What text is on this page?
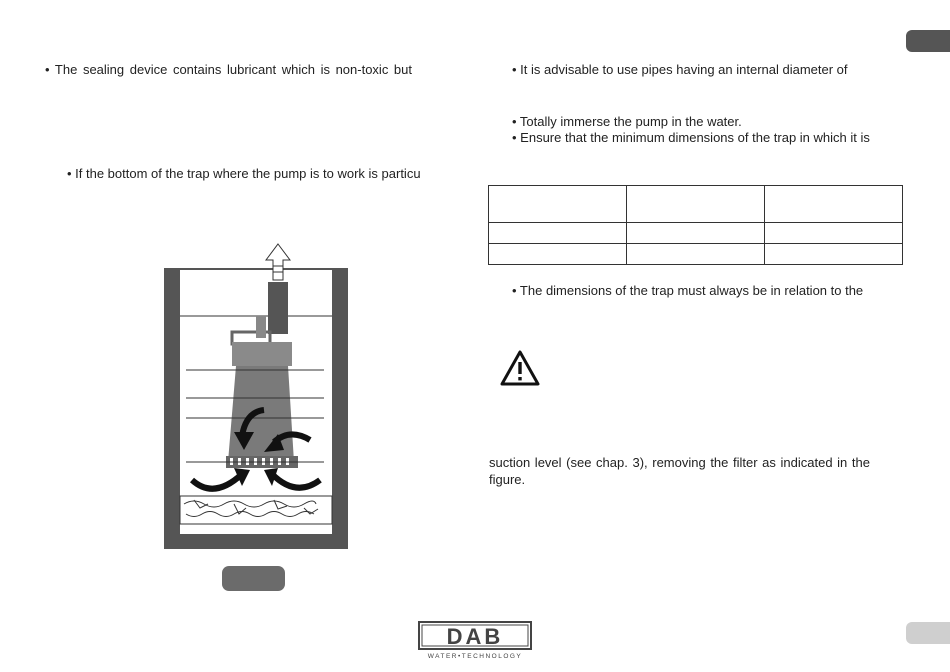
• The sealing device contains lubricant which is non-toxic but
• If the bottom of the trap where the pump is to work is particu
• It is advisable to use pipes having an internal diameter of
• Totally immerse the pump in the water.
• Ensure that the minimum dimensions of the trap in which it is

• The dimensions of the trap must always be in relation to the
suction level (see chap. 3), removing the filter as indicated in the
figure.
DAB
WATER•TECHNOLOGY
